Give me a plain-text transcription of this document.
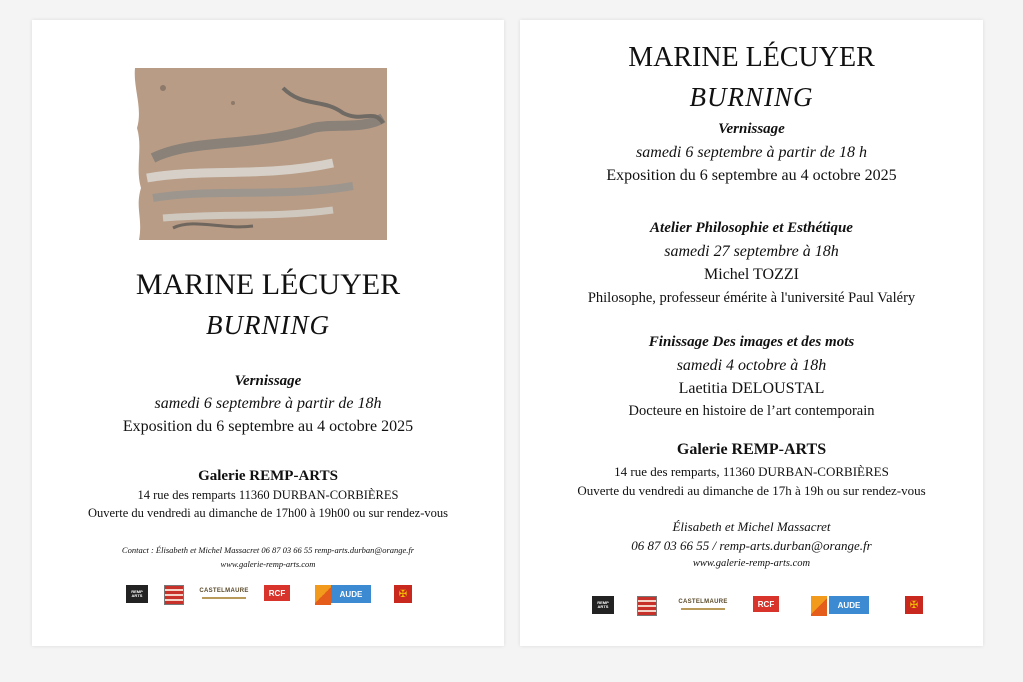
MARINE LÉCUYER
BURNING
Vernissage
samedi 6 septembre à partir de 18h
Exposition du 6 septembre au 4 octobre 2025
Galerie REMP-ARTS
14 rue des remparts 11360 DURBAN-CORBIÈRES
Ouverte du vendredi au dimanche de 17h00 à 19h00 ou sur rendez-vous
Contact : Élisabeth et Michel Massacret 06 87 03 66 55 remp-arts.durban@orange.fr
www.galerie-remp-arts.com
REMP
ARTS
CASTELMAURE	RCF	AUDE	✠
MARINE LÉCUYER
BURNING
Vernissage
samedi 6 septembre à partir de 18 h
Exposition du 6 septembre au 4 octobre 2025
Atelier Philosophie et Esthétique
samedi 27 septembre à 18h
Michel TOZZI
Philosophe, professeur émérite à l'université Paul Valéry
Finissage Des images et des mots
samedi 4 octobre à 18h
Laetitia DELOUSTAL
Docteure en histoire de l’art contemporain
Galerie REMP-ARTS
14 rue des remparts, 11360 DURBAN-CORBIÈRES
Ouverte du vendredi au dimanche de 17h à 19h ou sur rendez-vous
Élisabeth et Michel Massacret
06 87 03 66 55 / remp-arts.durban@orange.fr
www.galerie-remp-arts.com
REMP
ARTS
CASTELMAURE	RCF	AUDE	✠
